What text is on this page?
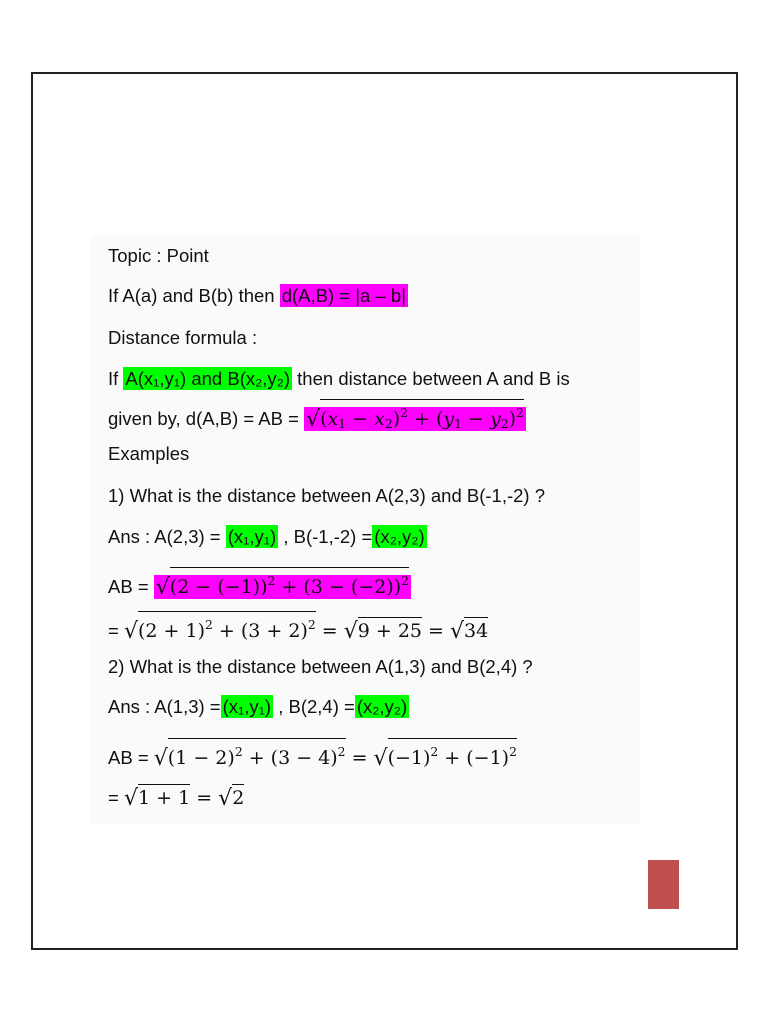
Topic : Point
If A(a) and B(b) then d(A,B) = |a – b|
Distance formula :
If A(x₁,y₁) and B(x₂,y₂) then distance between A and B is
given by, d(A,B) = AB = $√(x_1 - x_2)^2 + (y_1 - y_2)^2$
Examples
1) What is the distance between A(2,3) and B(-1,-2) ?
Ans : A(2,3) = (x₁,y₁) , B(-1,-2) = (x₂,y₂)
AB = $√(2 - (-1))^2 + (3 - (-2))^2$
= $√(2 + 1)^2 + (3 + 2)^2 = √9 + 25 = √34$
2) What is the distance between A(1,3) and B(2,4) ?
Ans : A(1,3) = (x₁,y₁) , B(2,4) = (x₂,y₂)
AB = $√(1 - 2)^2 + (3 - 4)^2 = √(-1)^2 + (-1)^2$
= √1 + 1 = √2
